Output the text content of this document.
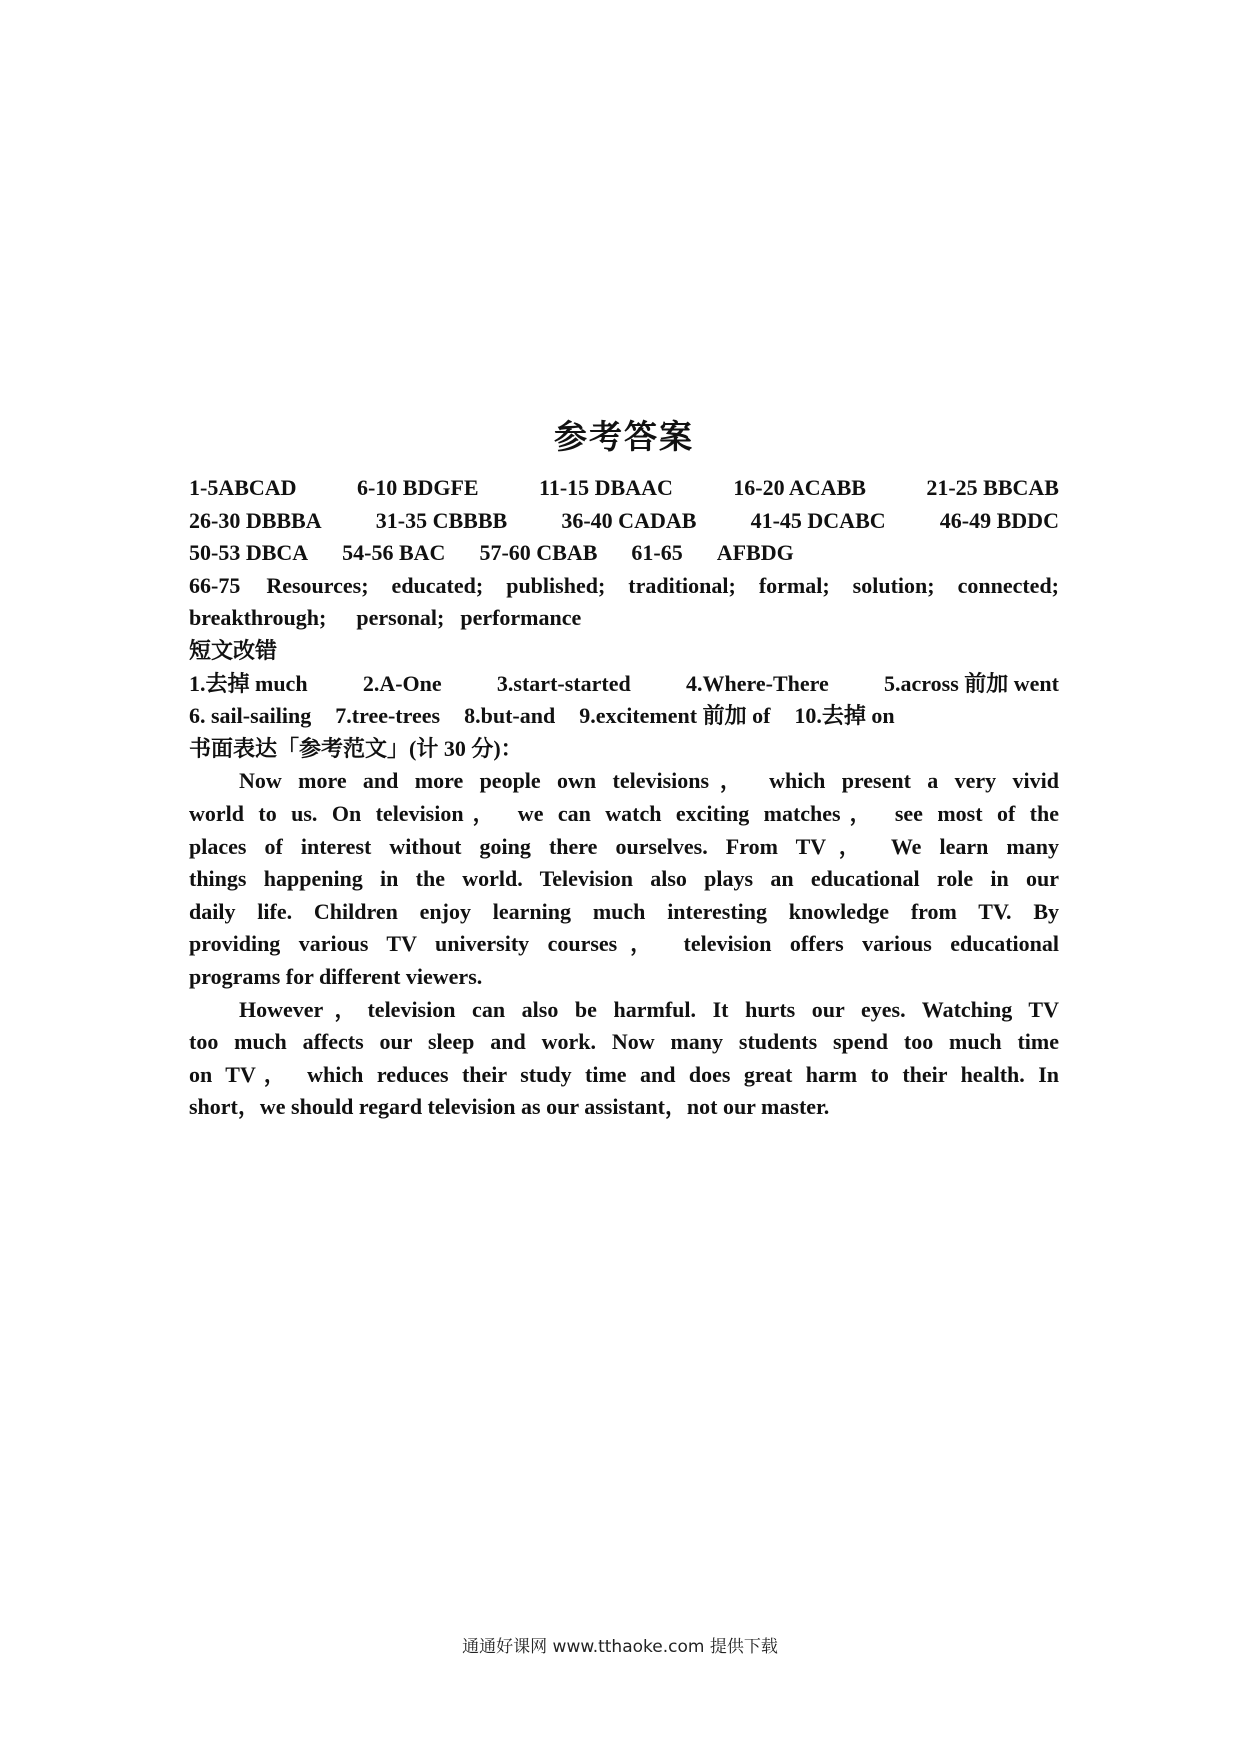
参考答案
1-5ABCAD	6-10 BDGFE	11-15 DBAAC	16-20 ACABB	21-25 BBCAB
26-30 DBBBA 31-35 CBBBB 36-40 CADAB 41-45 DCABC 46-49 BDDC
50-53 DBCA 54-56 BAC 57-60 CBAB 61-65 AFBDG
66-75 Resources; educated; published; traditional; formal; solution; connected;
breakthrough; personal; performance
短文改错
1.去掉 much	2.A-One	3.start-started	4.Where-There	5.across 前加 went
6. sail-sailing 7.tree-trees 8.but-and 9.excitement 前加 of 10.去掉 on
书面表达「参考范文」(计 30 分)：
Now more and more people own televisions， which present a very vivid
world to us. On television， we can watch exciting matches， see most of the
places of interest without going there ourselves. From TV， We learn many
things happening in the world. Television also plays an educational role in our
daily life. Children enjoy learning much interesting knowledge from TV. By
providing various TV university courses， television offers various educational
programs for different viewers.
However，television can also be harmful. It hurts our eyes. Watching TV
too much affects our sleep and work. Now many students spend too much time
on TV， which reduces their study time and does great harm to their health. In
short，we should regard television as our assistant，not our master.
通通好课网 www.tthaoke.com 提供下载
